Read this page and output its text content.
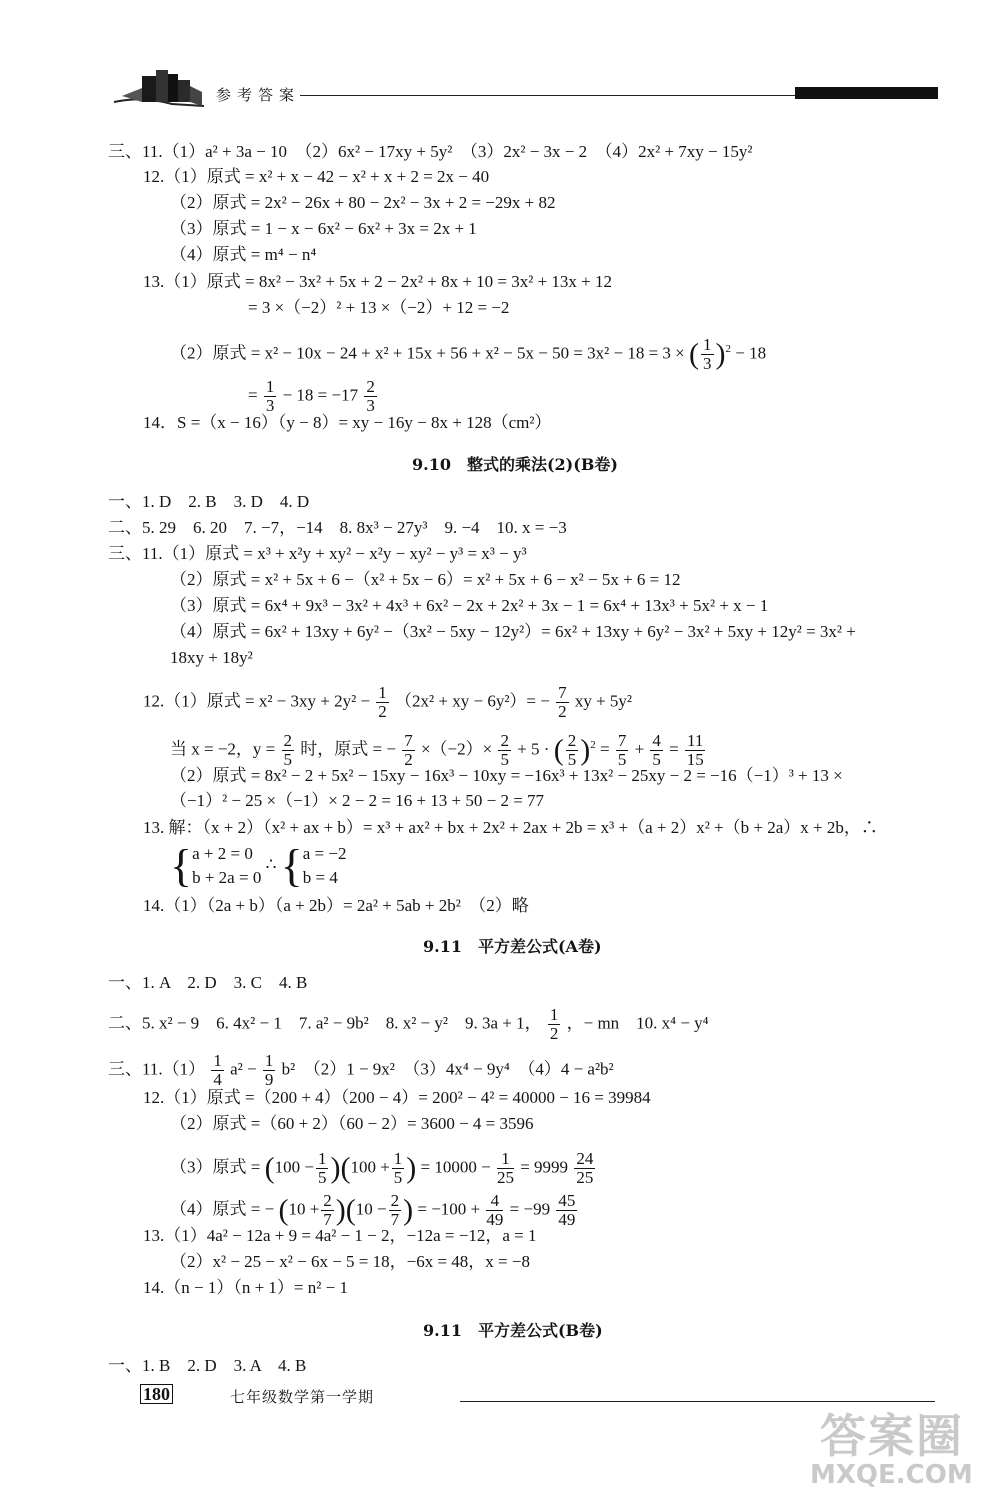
参考答案
三、11.（1）a² + 3a − 10　（2）6x² − 17xy + 5y²　（3）2x² − 3x − 2　（4）2x² + 7xy − 15y²
12.（1）原式 = x² + x − 42 − x² + x + 2 = 2x − 40
（2）原式 = 2x² − 26x + 80 − 2x² − 3x + 2 = −29x + 82
（3）原式 = 1 − x − 6x² − 6x² + 3x = 2x + 1
（4）原式 = m⁴ − n⁴
13.（1）原式 = 8x² − 3x² + 5x + 2 − 2x² + 8x + 10 = 3x² + 13x + 12
= 3 ×（−2）² + 13 ×（−2）+ 12 = −2
（2）原式 = x² − 10x − 24 + x² + 15x + 56 + x² − 5x − 50 = 3x² − 18 = 3 × ( $\frac{1}{3} )^2 - 18$
= $\frac{1}{3} - 18 = -17 \frac{2}{3}$
14．S =（x − 16）（y − 8）= xy − 16y − 8x + 128（cm²）
9.10　整式的乘法(2)(B卷)
一、1. D　2. B　3. D　4. D
二、5. 29　6. 20　7. −7，−14　8. 8x³ − 27y³　9. −4　10. x = −3
三、11.（1）原式 = x³ + x²y + xy² − x²y − xy² − y³ = x³ − y³
（2）原式 = x² + 5x + 6 −（x² + 5x − 6）= x² + 5x + 6 − x² − 5x + 6 = 12
（3）原式 = 6x⁴ + 9x³ − 3x² + 4x³ + 6x² − 2x + 2x² + 3x − 1 = 6x⁴ + 13x³ + 5x² + x − 1
（4）原式 = 6x² + 13xy + 6y² −（3x² − 5xy − 12y²）= 6x² + 13xy + 6y² − 3x² + 5xy + 12y² = 3x² +
18xy + 18y²
12.（1）原式 = $x^2 - 3xy + 2y^2 - \frac{1}{2} (2x^2$ + xy − $6y^2)= - \frac{7}{2}$ xy + 5y²
当 x = −2，$y = \frac{2}{5}$ 时，原式 = − $\frac{7}{2} \times(-2)\times \frac{2}{5} + 5$ · ( $\frac{2}{5} )^2 = \frac{7}{5} + \frac{4}{5} = \frac{11}{15}$
（2）原式 = 8x² − 2 + 5x² − 15xy − 16x³ − 10xy = −16x³ + 13x² − 25xy − 2 = −16（−1）³ + 13 ×
（−1）² − 25 ×（−1）× 2 − 2 = 16 + 13 + 50 − 2 = 77
13. 解：（x + 2）（x² + ax + b）= x³ + ax² + bx + 2x² + 2ax + 2b = x³ +（a + 2）x² +（b + 2a）x + 2b，∴
{ a + 2 = 0
b + 2a = 0
∴ { a = −2
b = 4
14.（1）（2a + b）（a + 2b）= 2a² + 5ab + 2b²　（2）略
9.11　平方差公式(A卷)
一、1. A　2. D　3. C　4. B
二、5. x² − 9　6. 4x² − 1　7. a² − 9b²　8. x² − y²　9. 3a + 1， $\frac{1}{2}$ ，− mn　10. x⁴ − y⁴
三、$11.(1) \frac{1}{4} a^2 - \frac{1}{9} b^2$　（2）1 − 9x²　（3）4x⁴ − 9y⁴　（4）4 − a²b²
12.（1）原式 =（200 + 4）（200 − 4）= 200² − 4² = 40000 − 16 = 39984
（2）原式 =（60 + 2）（60 − 2）= 3600 − 4 = 3596
（3）原式 = $(100 - \frac{1}{5} )(100 + \frac{1}{5}$ ) = $10000 - \frac{1}{25} = 9999 \frac{24}{25}$
（4）原式 = − $(10 + \frac{2}{7} )(10 - \frac{2}{7}$ ) = $-100 + \frac{4}{49} = -99 \frac{45}{49}$
13.（1）4a² − 12a + 9 = 4a² − 1 − 2，−12a = −12，a = 1
（2）x² − 25 − x² − 6x − 5 = 18，−6x = 48，x = −8
14.（n − 1）（n + 1）= n² − 1
9.11　平方差公式(B卷)
一、1. B　2. D　3. A　4. B
180	七年级数学第一学期
答案圈
MXQE.COM
